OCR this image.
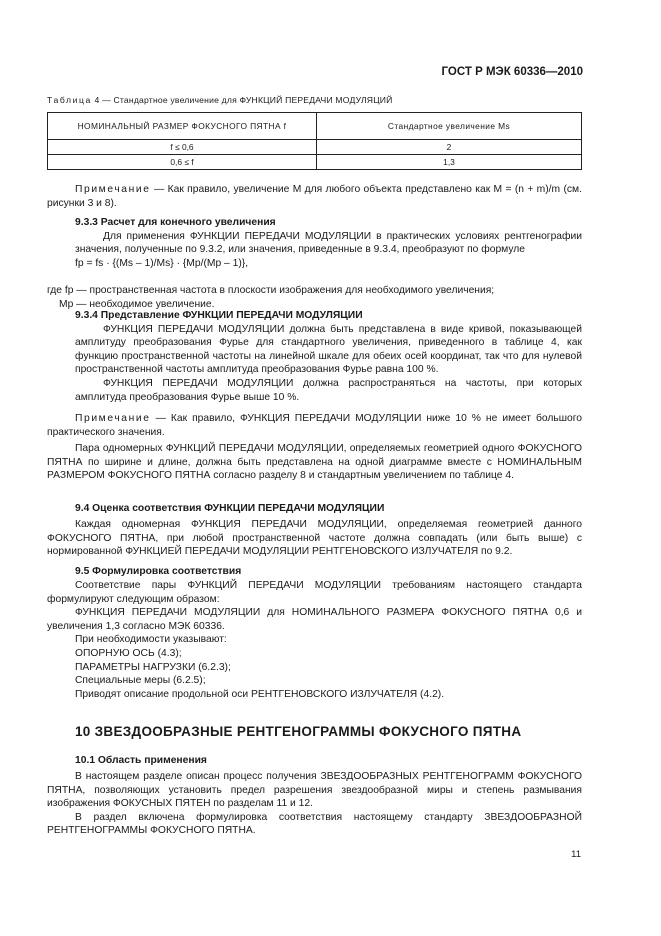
ГОСТ Р МЭК 60336—2010
Таблица 4 — Стандартное увеличение для ФУНКЦИЙ ПЕРЕДАЧИ МОДУЛЯЦИЙ
НОМИНАЛЬНЫЙ РАЗМЕР ФОКУСНОГО ПЯТНА f	Стандартное увеличение Ms
f ≤ 0,6	2
0,6 ≤ f	1,3

Примечание — Как правило, увеличение M для любого объекта представлено как M = (n + m)/m (см. рисунки 3 и 8).

9.3.3 Расчет для конечного увеличения

Для применения ФУНКЦИИ ПЕРЕДАЧИ МОДУЛЯЦИИ в практических условиях рентгенографии значения, полученные по 9.3.2, или значения, приведенные в 9.3.4, преобразуют по формуле

fp = fs · {(Ms – 1)/Ms} · {Mp/(Mp – 1)},

где fp — пространственная частота в плоскости изображения для необходимого увеличения;

Mp — необходимое увеличение.

9.3.4 Представление ФУНКЦИИ ПЕРЕДАЧИ МОДУЛЯЦИИ

ФУНКЦИЯ ПЕРЕДАЧИ МОДУЛЯЦИИ должна быть представлена в виде кривой, показывающей амплитуду преобразования Фурье для стандартного увеличения, приведенного в таблице 4, как функцию пространственной частоты на линейной шкале для обеих осей координат, так что для нулевой пространственной частоты амплитуда преобразования Фурье равна 100 %.

ФУНКЦИЯ ПЕРЕДАЧИ МОДУЛЯЦИИ должна распространяться на частоты, при которых амплитуда преобразования Фурье выше 10 %.

Примечание — Как правило, ФУНКЦИЯ ПЕРЕДАЧИ МОДУЛЯЦИИ ниже 10 % не имеет большого практического значения.

Пара одномерных ФУНКЦИЙ ПЕРЕДАЧИ МОДУЛЯЦИИ, определяемых геометрией одного ФОКУСНОГО ПЯТНА по ширине и длине, должна быть представлена на одной диаграмме вместе с НОМИНАЛЬНЫМ РАЗМЕРОМ ФОКУСНОГО ПЯТНА согласно разделу 8 и стандартным увеличением по таблице 4.

9.4 Оценка соответствия ФУНКЦИИ ПЕРЕДАЧИ МОДУЛЯЦИИ

Каждая одномерная ФУНКЦИЯ ПЕРЕДАЧИ МОДУЛЯЦИИ, определяемая геометрией данного ФОКУСНОГО ПЯТНА, при любой пространственной частоте должна совпадать (или быть выше) с нормированной ФУНКЦИЕЙ ПЕРЕДАЧИ МОДУЛЯЦИИ РЕНТГЕНОВСКОГО ИЗЛУЧАТЕЛЯ по 9.2.

9.5 Формулировка соответствия

Соответствие пары ФУНКЦИЙ ПЕРЕДАЧИ МОДУЛЯЦИИ требованиям настоящего стандарта формулируют следующим образом:

ФУНКЦИЯ ПЕРЕДАЧИ МОДУЛЯЦИИ для НОМИНАЛЬНОГО РАЗМЕРА ФОКУСНОГО ПЯТНА 0,6 и увеличения 1,3 согласно МЭК 60336.

При необходимости указывают:

ОПОРНУЮ ОСЬ (4.3);

ПАРАМЕТРЫ НАГРУЗКИ (6.2.3);

Специальные меры (6.2.5);

Приводят описание продольной оси РЕНТГЕНОВСКОГО ИЗЛУЧАТЕЛЯ (4.2).

10 ЗВЕЗДООБРАЗНЫЕ РЕНТГЕНОГРАММЫ ФОКУСНОГО ПЯТНА

10.1 Область применения

В настоящем разделе описан процесс получения ЗВЕЗДООБРАЗНЫХ РЕНТГЕНОГРАММ ФОКУСНОГО ПЯТНА, позволяющих установить предел разрешения звездообразной миры и степень размывания изображения ФОКУСНЫХ ПЯТЕН по разделам 11 и 12.

В раздел включена формулировка соответствия настоящему стандарту ЗВЕЗДООБРАЗНОЙ РЕНТГЕНОГРАММЫ ФОКУСНОГО ПЯТНА.

11
